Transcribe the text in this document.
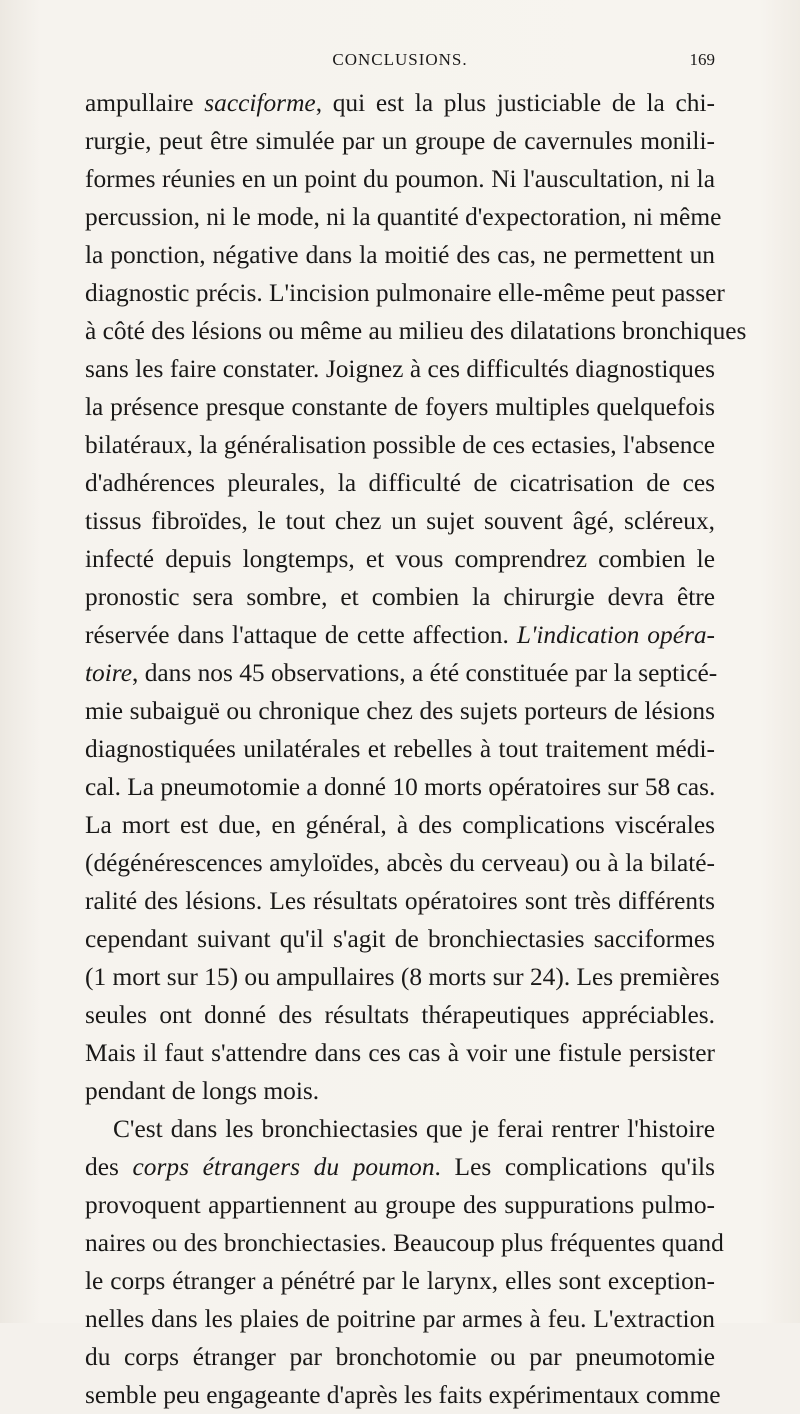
CONCLUSIONS.	169
ampullaire sacciforme, qui est la plus justiciable de la chi-
rurgie, peut être simulée par un groupe de cavernules monili-
formes réunies en un point du poumon. Ni l'auscultation, ni la
percussion, ni le mode, ni la quantité d'expectoration, ni même
la ponction, négative dans la moitié des cas, ne permettent un
diagnostic précis. L'incision pulmonaire elle-même peut passer
à côté des lésions ou même au milieu des dilatations bronchiques
sans les faire constater. Joignez à ces difficultés diagnostiques
la présence presque constante de foyers multiples quelquefois
bilatéraux, la généralisation possible de ces ectasies, l'absence
d'adhérences pleurales, la difficulté de cicatrisation de ces
tissus fibroïdes, le tout chez un sujet souvent âgé, scléreux,
infecté depuis longtemps, et vous comprendrez combien le
pronostic sera sombre, et combien la chirurgie devra être
réservée dans l'attaque de cette affection. L'indication opéra-
toire, dans nos 45 observations, a été constituée par la septicé-
mie subaiguë ou chronique chez des sujets porteurs de lésions
diagnostiquées unilatérales et rebelles à tout traitement médi-
cal. La pneumotomie a donné 10 morts opératoires sur 58 cas.
La mort est due, en général, à des complications viscérales
(dégénérescences amyloïdes, abcès du cerveau) ou à la bilaté-
ralité des lésions. Les résultats opératoires sont très différents
cependant suivant qu'il s'agit de bronchiectasies sacciformes
(1 mort sur 15) ou ampullaires (8 morts sur 24). Les premières
seules ont donné des résultats thérapeutiques appréciables.
Mais il faut s'attendre dans ces cas à voir une fistule persister
pendant de longs mois.
C'est dans les bronchiectasies que je ferai rentrer l'histoire
des corps étrangers du poumon. Les complications qu'ils
provoquent appartiennent au groupe des suppurations pulmo-
naires ou des bronchiectasies. Beaucoup plus fréquentes quand
le corps étranger a pénétré par le larynx, elles sont exception-
nelles dans les plaies de poitrine par armes à feu. L'extraction
du corps étranger par bronchotomie ou par pneumotomie
semble peu engageante d'après les faits expérimentaux comme
